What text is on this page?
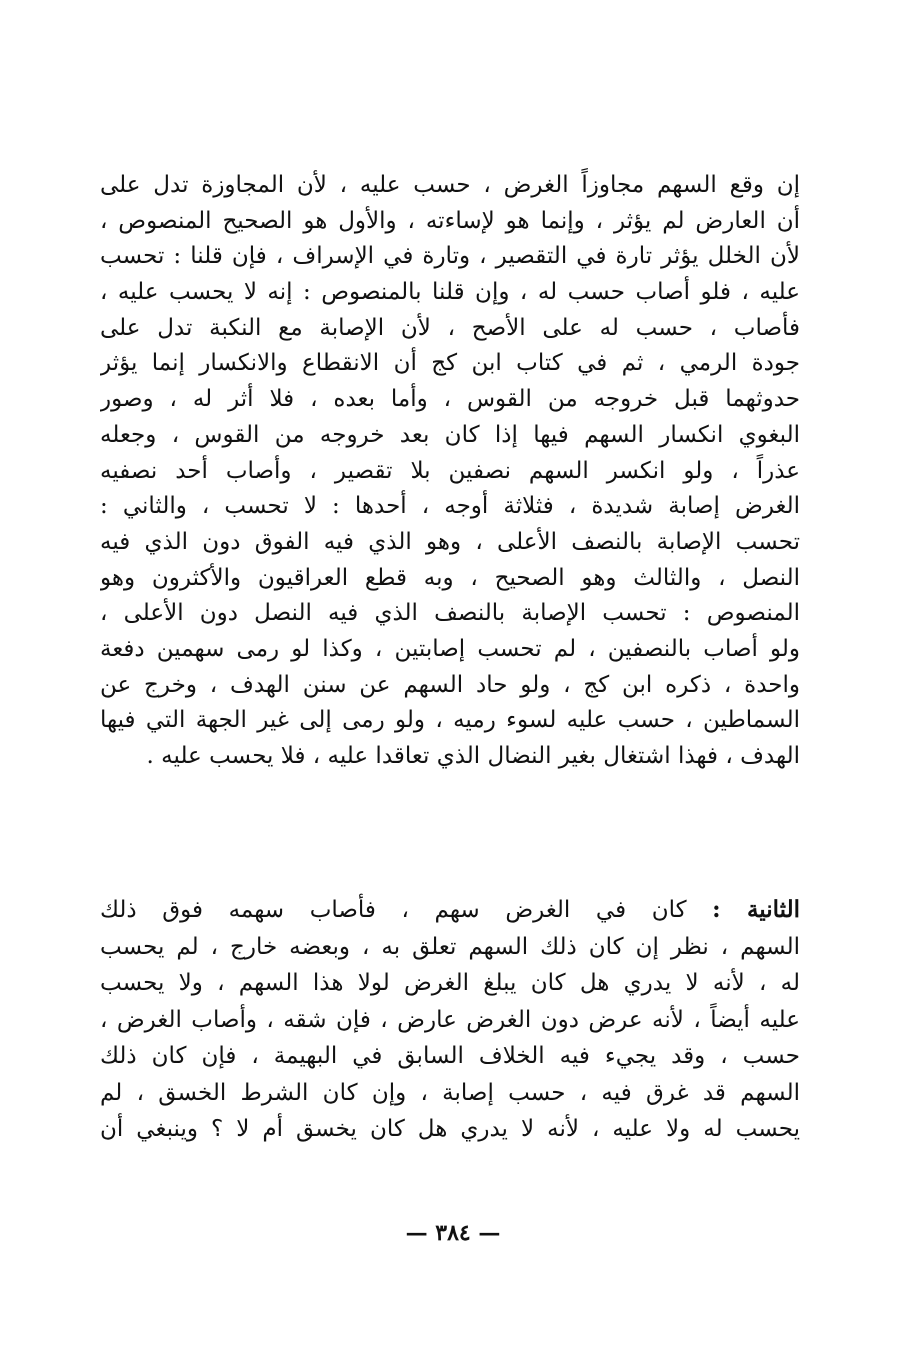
إن وقع السهم مجاوزاً الغرض ، حسب عليه ، لأن المجاوزة تدل على
أن العارض لم يؤثر ، وإنما هو لإساءته ، والأول هو الصحيح المنصوص ،
لأن الخلل يؤثر تارة في التقصير ، وتارة في الإسراف ، فإن قلنا : تحسب
عليه ، فلو أصاب حسب له ، وإن قلنا بالمنصوص : إنه لا يحسب عليه ،
فأصاب ، حسب له على الأصح ، لأن الإصابة مع النكبة تدل على
جودة الرمي ، ثم في كتاب ابن كج أن الانقطاع والانكسار إنما يؤثر
حدوثهما قبل خروجه من القوس ، وأما بعده ، فلا أثر له ، وصور
البغوي انكسار السهم فيها إذا كان بعد خروجه من القوس ، وجعله
عذراً ، ولو انكسر السهم نصفين بلا تقصير ، وأصاب أحد نصفيه
الغرض إصابة شديدة ، فثلاثة أوجه ، أحدها : لا تحسب ، والثاني :
تحسب الإصابة بالنصف الأعلى ، وهو الذي فيه الفوق دون الذي فيه
النصل ، والثالث وهو الصحيح ، وبه قطع العراقيون والأكثرون وهو
المنصوص : تحسب الإصابة بالنصف الذي فيه النصل دون الأعلى ،
ولو أصاب بالنصفين ، لم تحسب إصابتين ، وكذا لو رمى سهمين دفعة
واحدة ، ذكره ابن كج ، ولو حاد السهم عن سنن الهدف ، وخرج عن
السماطين ، حسب عليه لسوء رميه ، ولو رمى إلى غير الجهة التي فيها
الهدف ، فهذا اشتغال بغير النضال الذي تعاقدا عليه ، فلا يحسب عليه .
الثانية : كان في الغرض سهم ، فأصاب سهمه فوق ذلك
السهم ، نظر إن كان ذلك السهم تعلق به ، وبعضه خارج ، لم يحسب
له ، لأنه لا يدري هل كان يبلغ الغرض لولا هذا السهم ، ولا يحسب
عليه أيضاً ، لأنه عرض دون الغرض عارض ، فإن شقه ، وأصاب الغرض ،
حسب ، وقد يجيء فيه الخلاف السابق في البهيمة ، فإن كان ذلك
السهم قد غرق فيه ، حسب إصابة ، وإن كان الشرط الخسق ، لم
يحسب له ولا عليه ، لأنه لا يدري هل كان يخسق أم لا ؟ وينبغي أن
— ٣٨٤ —
